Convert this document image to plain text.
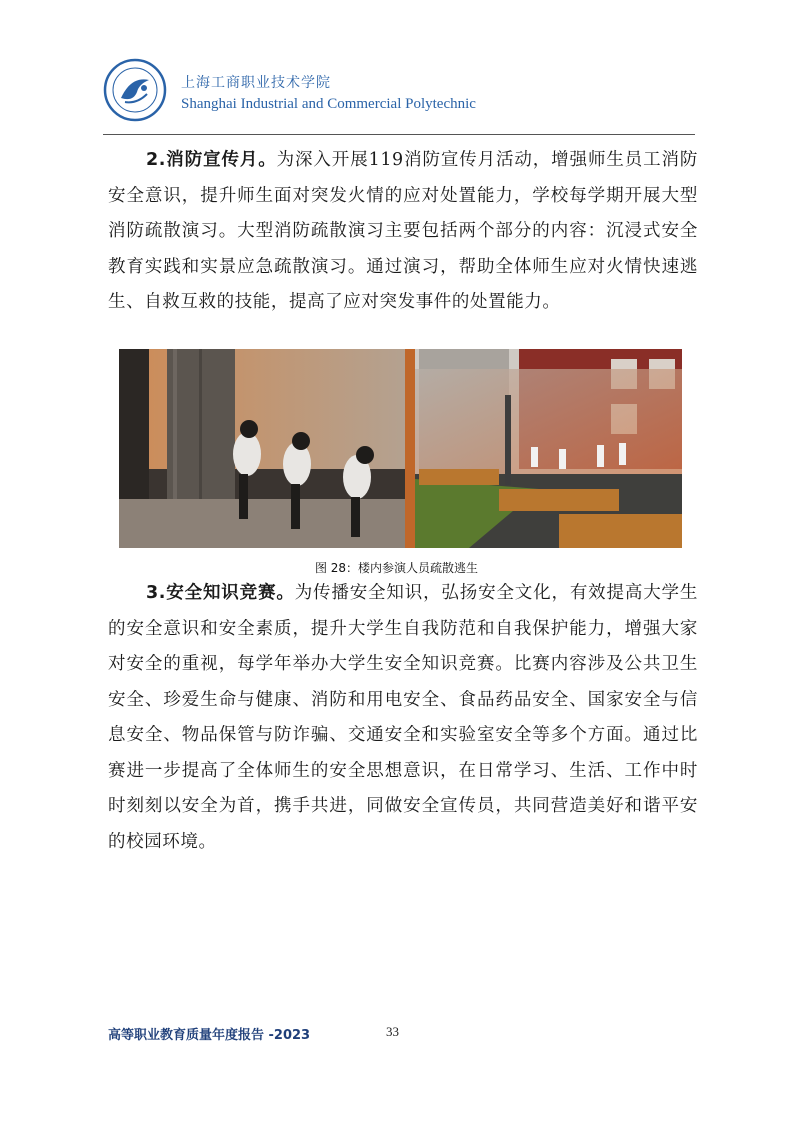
上海工商职业技术学院
Shanghai Industrial and Commercial Polytechnic

2.消防宣传月。为深入开展119消防宣传月活动，增强师生员工消防安全意识，提升师生面对突发火情的应对处置能力，学校每学期开展大型消防疏散演习。大型消防疏散演习主要包括两个部分的内容：沉浸式安全教育实践和实景应急疏散演习。通过演习，帮助全体师生应对火情快速逃生、自救互救的技能，提高了应对突发事件的处置能力。

图 28：楼内参演人员疏散逃生

3.安全知识竞赛。为传播安全知识，弘扬安全文化，有效提高大学生的安全意识和安全素质，提升大学生自我防范和自我保护能力，增强大家对安全的重视，每学年举办大学生安全知识竞赛。比赛内容涉及公共卫生安全、珍爱生命与健康、消防和用电安全、食品药品安全、国家安全与信息安全、物品保管与防诈骗、交通安全和实验室安全等多个方面。通过比赛进一步提高了全体师生的安全思想意识，在日常学习、生活、工作中时时刻刻以安全为首，携手共进，同做安全宣传员，共同营造美好和谐平安的校园环境。

高等职业教育质量年度报告 -2023	33
